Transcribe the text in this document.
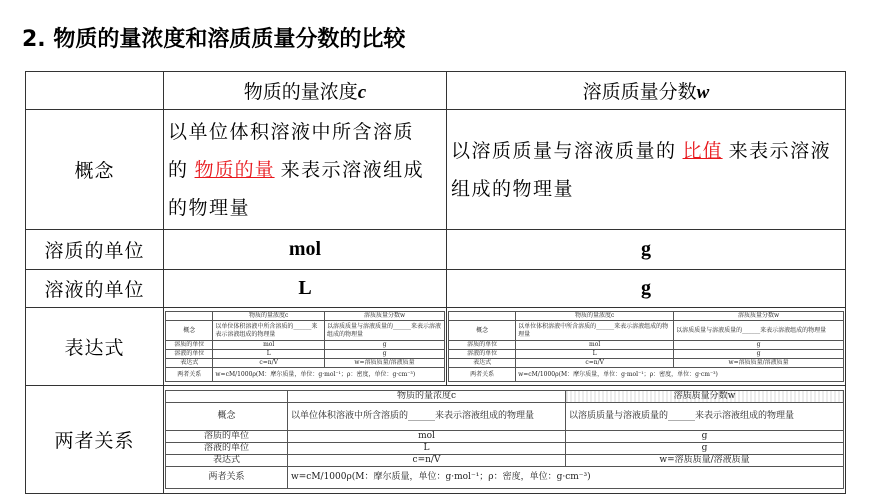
2. 物质的量浓度和溶质质量分数的比较
	物质的量浓度c	溶质质量分数w
概念	以单位体积溶液中所含溶质的 物质的量 来表示溶液组成的物理量	以溶质质量与溶液质量的 比值 来表示溶液组成的物理量
溶质的单位	mol	g
溶液的单位	L	g
表达式	
	物质的量浓度c	溶质质量分数w
概念	以单位体积溶液中所含溶质的______来表示溶液组成的物理量	以溶质质量与溶液质量的______来表示溶液组成的物理量
溶质的单位	mol	g
溶液的单位	L	g
表达式	c=n/V	w=溶质质量/溶液质量
两者关系	w=cM/1000ρ(M：摩尔质量，单位：g·mol⁻¹；ρ：密度，单位：g·cm⁻³)

	物质的量浓度c	溶质质量分数w
概念	以单位体积溶液中所含溶质的______来表示溶液组成的物理量	以溶质质量与溶液质量的______来表示溶液组成的物理量
溶质的单位	mol	g
溶液的单位	L	g
表达式	c=n/V	w=溶质质量/溶液质量
两者关系	w=cM/1000ρ(M：摩尔质量，单位：g·mol⁻¹；ρ：密度，单位：g·cm⁻³)

两者关系	
	物质的量浓度c	溶质质量分数w
概念	以单位体积溶液中所含溶质的______来表示溶液组成的物理量	以溶质质量与溶液质量的______来表示溶液组成的物理量
溶质的单位	mol	g
溶液的单位	L	g
表达式	c=n/V	w=溶质质量/溶液质量
两者关系	w=cM/1000ρ(M：摩尔质量，单位：g·mol⁻¹；ρ：密度，单位：g·cm⁻³)
